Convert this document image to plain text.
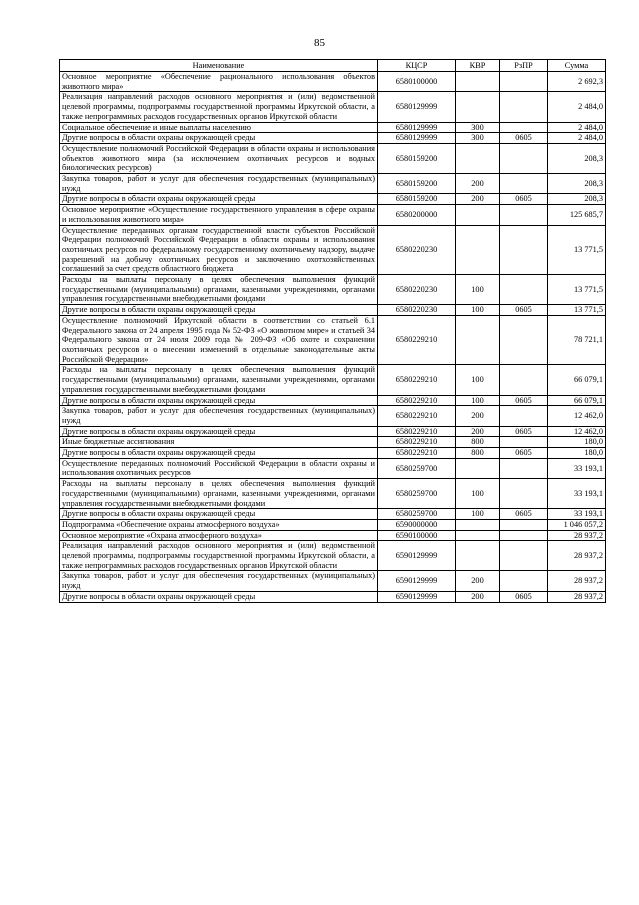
85
Наименование	КЦСР	КВР	РзПР	Сумма
Основное мероприятие «Обеспечение рационального использования объектов животного мира»	6580100000			2 692,3
Реализация направлений расходов основного мероприятия и (или) ведомственной целевой программы, подпрограммы государственной программы Иркутской области, а также непрограммных расходов государственных органов Иркутской области	6580129999			2 484,0
Социальное обеспечение и иные выплаты населению	6580129999	300		2 484,0
Другие вопросы в области охраны окружающей среды	6580129999	300	0605	2 484,0
Осуществление полномочий Российской Федерации в области охраны и использования объектов животного мира (за исключением охотничьих ресурсов и водных биологических ресурсов)	6580159200			208,3
Закупка товаров, работ и услуг для обеспечения государственных (муниципальных) нужд	6580159200	200		208,3
Другие вопросы в области охраны окружающей среды	6580159200	200	0605	208,3
Основное мероприятие «Осуществление государственного управления в сфере охраны и использования животного мира»	6580200000			125 685,7
Осуществление переданных органам государственной власти субъектов Российской Федерации полномочий Российской Федерации в области охраны и использования охотничьих ресурсов по федеральному государственному охотничьему надзору, выдаче разрешений на добычу охотничьих ресурсов и заключению охотхозяйственных соглашений за счет средств областного бюджета	6580220230			13 771,5
Расходы на выплаты персоналу в целях обеспечения выполнения функций государственными (муниципальными) органами, казенными учреждениями, органами управления государственными внебюджетными фондами	6580220230	100		13 771,5
Другие вопросы в области охраны окружающей среды	6580220230	100	0605	13 771,5
Осуществление полномочий Иркутской области в соответствии со статьей 6.1 Федерального закона от 24 апреля 1995 года № 52-ФЗ «О животном мире» и статьей 34 Федерального закона от 24 июля 2009 года № 209-ФЗ «Об охоте и сохранении охотничьих ресурсов и о внесении изменений в отдельные законодательные акты Российской Федерации»	6580229210			78 721,1
Расходы на выплаты персоналу в целях обеспечения выполнения функций государственными (муниципальными) органами, казенными учреждениями, органами управления государственными внебюджетными фондами	6580229210	100		66 079,1
Другие вопросы в области охраны окружающей среды	6580229210	100	0605	66 079,1
Закупка товаров, работ и услуг для обеспечения государственных (муниципальных) нужд	6580229210	200		12 462,0
Другие вопросы в области охраны окружающей среды	6580229210	200	0605	12 462,0
Иные бюджетные ассигнования	6580229210	800		180,0
Другие вопросы в области охраны окружающей среды	6580229210	800	0605	180,0
Осуществление переданных полномочий Российской Федерации в области охраны и использования охотничьих ресурсов	6580259700			33 193,1
Расходы на выплаты персоналу в целях обеспечения выполнения функций государственными (муниципальными) органами, казенными учреждениями, органами управления государственными внебюджетными фондами	6580259700	100		33 193,1
Другие вопросы в области охраны окружающей среды	6580259700	100	0605	33 193,1
Подпрограмма «Обеспечение охраны атмосферного воздуха»	6590000000			1 046 057,2
Основное мероприятие «Охрана атмосферного воздуха»	6590100000			28 937,2
Реализация направлений расходов основного мероприятия и (или) ведомственной целевой программы, подпрограммы государственной программы Иркутской области, а также непрограммных расходов государственных органов Иркутской области	6590129999			28 937,2
Закупка товаров, работ и услуг для обеспечения государственных (муниципальных) нужд	6590129999	200		28 937,2
Другие вопросы в области охраны окружающей среды	6590129999	200	0605	28 937,2
